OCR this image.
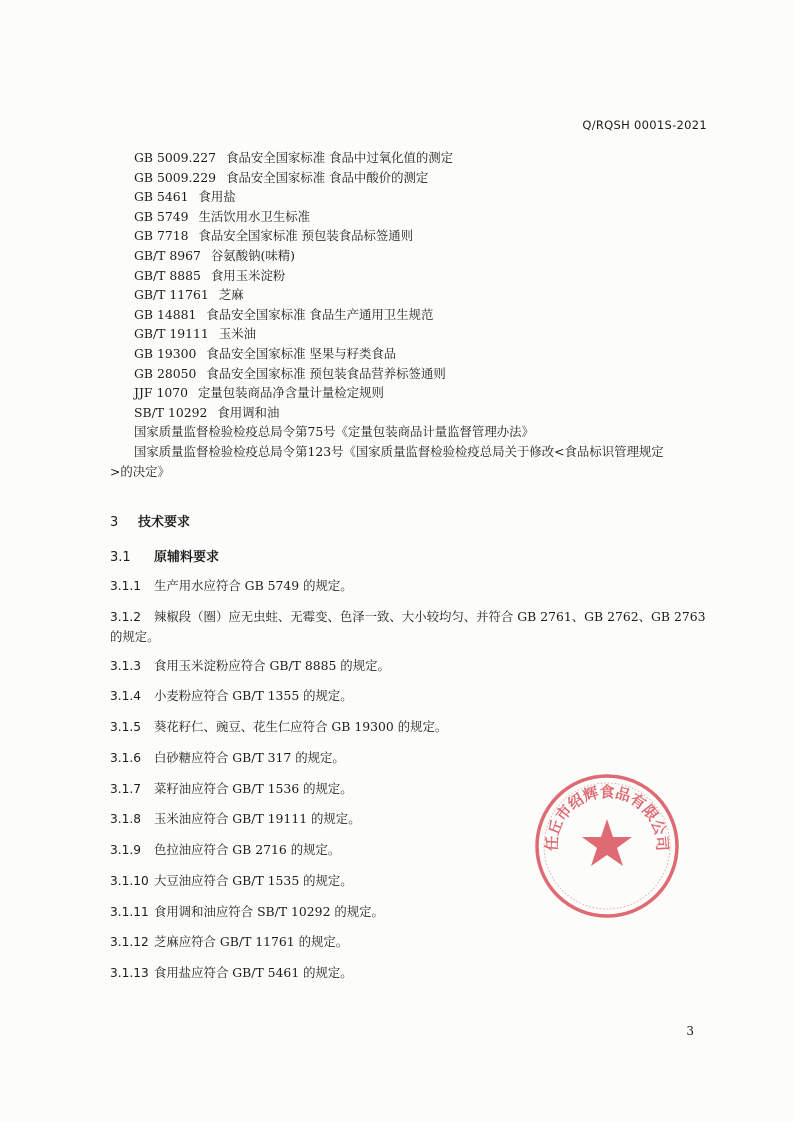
Q/RQSH 0001S-2021
GB 5009.227 食品安全国家标准 食品中过氧化值的测定
GB 5009.229 食品安全国家标准 食品中酸价的测定
GB 5461 食用盐
GB 5749 生活饮用水卫生标准
GB 7718 食品安全国家标准 预包装食品标签通则
GB/T 8967 谷氨酸钠(味精)
GB/T 8885 食用玉米淀粉
GB/T 11761 芝麻
GB 14881 食品安全国家标准 食品生产通用卫生规范
GB/T 19111 玉米油
GB 19300 食品安全国家标准 坚果与籽类食品
GB 28050 食品安全国家标准 预包装食品营养标签通则
JJF 1070 定量包装商品净含量计量检定规则
SB/T 10292 食用调和油
国家质量监督检验检疫总局令第75号《定量包装商品计量监督管理办法》
国家质量监督检验检疫总局令第123号《国家质量监督检验检疫总局关于修改<食品标识管理规定
>的决定》
3 技术要求
3.1 原辅料要求
3.1.1 生产用水应符合 GB 5749 的规定。
3.1.2 辣椒段（圈）应无虫蛀、无霉变、色泽一致、大小较均匀、并符合 GB 2761、GB 2762、GB 2763
的规定。
3.1.3 食用玉米淀粉应符合 GB/T 8885 的规定。
3.1.4 小麦粉应符合 GB/T 1355 的规定。
3.1.5 葵花籽仁、豌豆、花生仁应符合 GB 19300 的规定。
3.1.6 白砂糖应符合 GB/T 317 的规定。
3.1.7 菜籽油应符合 GB/T 1536 的规定。
3.1.8 玉米油应符合 GB/T 19111 的规定。
3.1.9 色拉油应符合 GB 2716 的规定。
3.1.10 大豆油应符合 GB/T 1535 的规定。
3.1.11 食用调和油应符合 SB/T 10292 的规定。
3.1.12 芝麻应符合 GB/T 11761 的规定。
3.1.13 食用盐应符合 GB/T 5461 的规定。
任丘市绍辉食品有限公司
3
